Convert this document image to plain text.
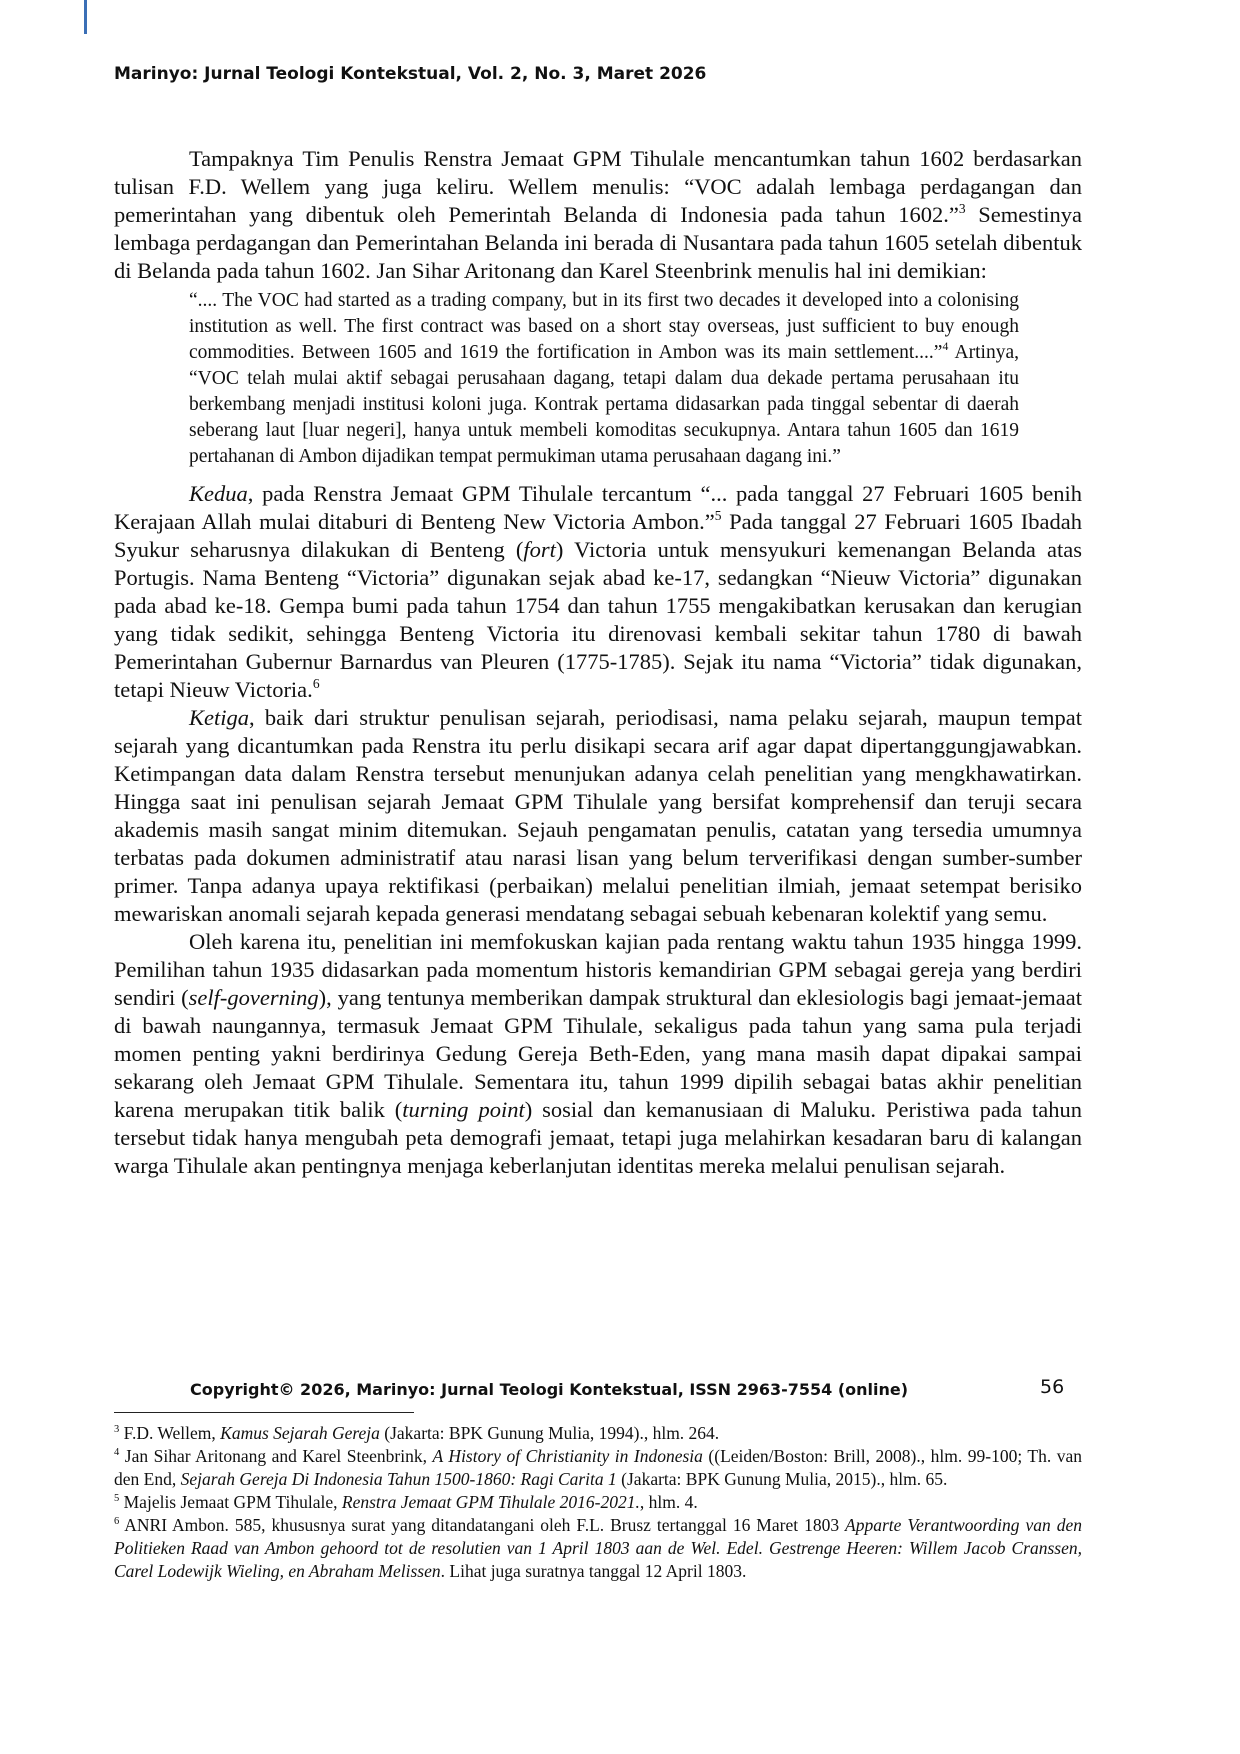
Marinyo: Jurnal Teologi Kontekstual, Vol. 2, No. 3, Maret 2026

Tampaknya Tim Penulis Renstra Jemaat GPM Tihulale mencantumkan tahun 1602 berdasarkan tulisan F.D. Wellem yang juga keliru. Wellem menulis: “VOC adalah lembaga perdagangan dan pemerintahan yang dibentuk oleh Pemerintah Belanda di Indonesia pada tahun 1602.”$^3$ Semestinya lembaga perdagangan dan Pemerintahan Belanda ini berada di Nusantara pada tahun 1605 setelah dibentuk di Belanda pada tahun 1602. Jan Sihar Aritonang dan Karel Steenbrink menulis hal ini demikian:

“.... The VOC had started as a trading company, but in its first two decades it developed into a colonising institution as well. The first contract was based on a short stay overseas, just sufficient to buy enough commodities. Between 1605 and 1619 the fortification in Ambon was its main settlement....”$^4$ Artinya, “VOC telah mulai aktif sebagai perusahaan dagang, tetapi dalam dua dekade pertama perusahaan itu berkembang menjadi institusi koloni juga. Kontrak pertama didasarkan pada tinggal sebentar di daerah seberang laut [luar negeri], hanya untuk membeli komoditas secukupnya. Antara tahun 1605 dan 1619 pertahanan di Ambon dijadikan tempat permukiman utama perusahaan dagang ini.”

Kedua, pada Renstra Jemaat GPM Tihulale tercantum “... pada tanggal 27 Februari 1605 benih Kerajaan Allah mulai ditaburi di Benteng New Victoria Ambon.”$^5$ Pada tanggal 27 Februari 1605 Ibadah Syukur seharusnya dilakukan di Benteng (fort) Victoria untuk mensyukuri kemenangan Belanda atas Portugis. Nama Benteng “Victoria” digunakan sejak abad ke-17, sedangkan “Nieuw Victoria” digunakan pada abad ke-18. Gempa bumi pada tahun 1754 dan tahun 1755 mengakibatkan kerusakan dan kerugian yang tidak sedikit, sehingga Benteng Victoria itu direnovasi kembali sekitar tahun 1780 di bawah Pemerintahan Gubernur Barnardus van Pleuren (1775-1785). Sejak itu nama “Victoria” tidak digunakan, tetapi Nieuw Victoria.$^6$

Ketiga, baik dari struktur penulisan sejarah, periodisasi, nama pelaku sejarah, maupun tempat sejarah yang dicantumkan pada Renstra itu perlu disikapi secara arif agar dapat dipertanggungjawabkan. Ketimpangan data dalam Renstra tersebut menunjukan adanya celah penelitian yang mengkhawatirkan. Hingga saat ini penulisan sejarah Jemaat GPM Tihulale yang bersifat komprehensif dan teruji secara akademis masih sangat minim ditemukan. Sejauh pengamatan penulis, catatan yang tersedia umumnya terbatas pada dokumen administratif atau narasi lisan yang belum terverifikasi dengan sumber-sumber primer. Tanpa adanya upaya rektifikasi (perbaikan) melalui penelitian ilmiah, jemaat setempat berisiko mewariskan anomali sejarah kepada generasi mendatang sebagai sebuah kebenaran kolektif yang semu.

Oleh karena itu, penelitian ini memfokuskan kajian pada rentang waktu tahun 1935 hingga 1999. Pemilihan tahun 1935 didasarkan pada momentum historis kemandirian GPM sebagai gereja yang berdiri sendiri (self-governing), yang tentunya memberikan dampak struktural dan eklesiologis bagi jemaat-jemaat di bawah naungannya, termasuk Jemaat GPM Tihulale, sekaligus pada tahun yang sama pula terjadi momen penting yakni berdirinya Gedung Gereja Beth-Eden, yang mana masih dapat dipakai sampai sekarang oleh Jemaat GPM Tihulale. Sementara itu, tahun 1999 dipilih sebagai batas akhir penelitian karena merupakan titik balik (turning point) sosial dan kemanusiaan di Maluku. Peristiwa pada tahun tersebut tidak hanya mengubah peta demografi jemaat, tetapi juga melahirkan kesadaran baru di kalangan warga Tihulale akan pentingnya menjaga keberlanjutan identitas mereka melalui penulisan sejarah.

Copyright© 2026, Marinyo: Jurnal Teologi Kontekstual, ISSN 2963-7554 (online)	56

$^3$ F.D. Wellem, Kamus Sejarah Gereja (Jakarta: BPK Gunung Mulia, 1994)., hlm. 264.

$^4$ Jan Sihar Aritonang and Karel Steenbrink, A History of Christianity in Indonesia ((Leiden/Boston: Brill, 2008)., hlm. 99-100; Th. van den End, Sejarah Gereja Di Indonesia Tahun 1500-1860: Ragi Carita 1 (Jakarta: BPK Gunung Mulia, 2015)., hlm. 65.

$^5$ Majelis Jemaat GPM Tihulale, Renstra Jemaat GPM Tihulale 2016-2021., hlm. 4.

$^6$ ANRI Ambon. 585, khususnya surat yang ditandatangani oleh F.L. Brusz tertanggal 16 Maret 1803 Apparte Verantwoording van den Politieken Raad van Ambon gehoord tot de resolutien van 1 April 1803 aan de Wel. Edel. Gestrenge Heeren: Willem Jacob Cranssen, Carel Lodewijk Wieling, en Abraham Melissen. Lihat juga suratnya tanggal 12 April 1803.
